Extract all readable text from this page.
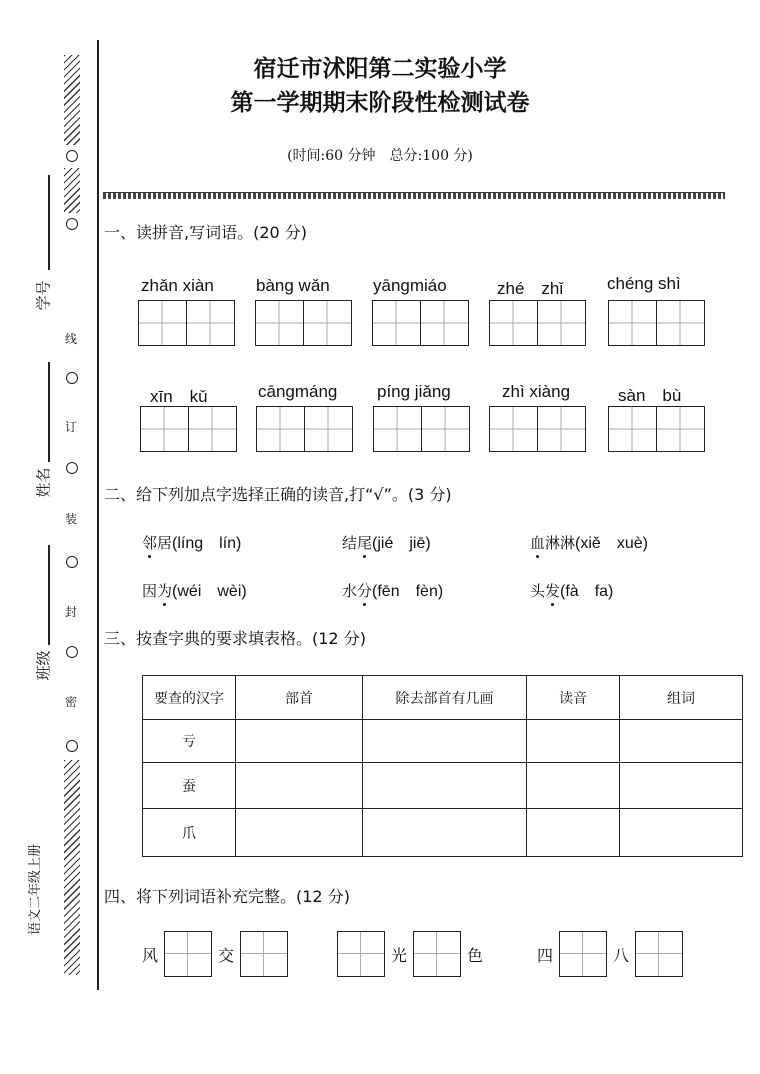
线
订
装
封
密
学号
姓名
班级
语文二年级上册
宿迁市沭阳第二实验小学
第一学期期末阶段性检测试卷
(时间:60 分钟　总分:100 分)
一、读拼音,写词语。(20 分)
zhǎn xiàn bàng wǎn	yāngmiáo	zhé　zhǐ	chéng shì
xīn　kǔ	cāngmáng píng jiǎng	zhì xiàng	sàn　bù
二、给下列加点字选择正确的读音,打“√”。(3 分)
邻居(líng　lín)	结尾(jié　jiē)	血淋淋(xiě　xuè)
因为(wéi　wèi)	水分(fēn　fèn)	头发(fà　fa)
三、按查字典的要求填表格。(12 分)
要查的汉字	部首	除去部首有几画	读音	组词
亏				
蚕				
爪				
四、将下列词语补充完整。(12 分)
风	交	光	色	四	八
